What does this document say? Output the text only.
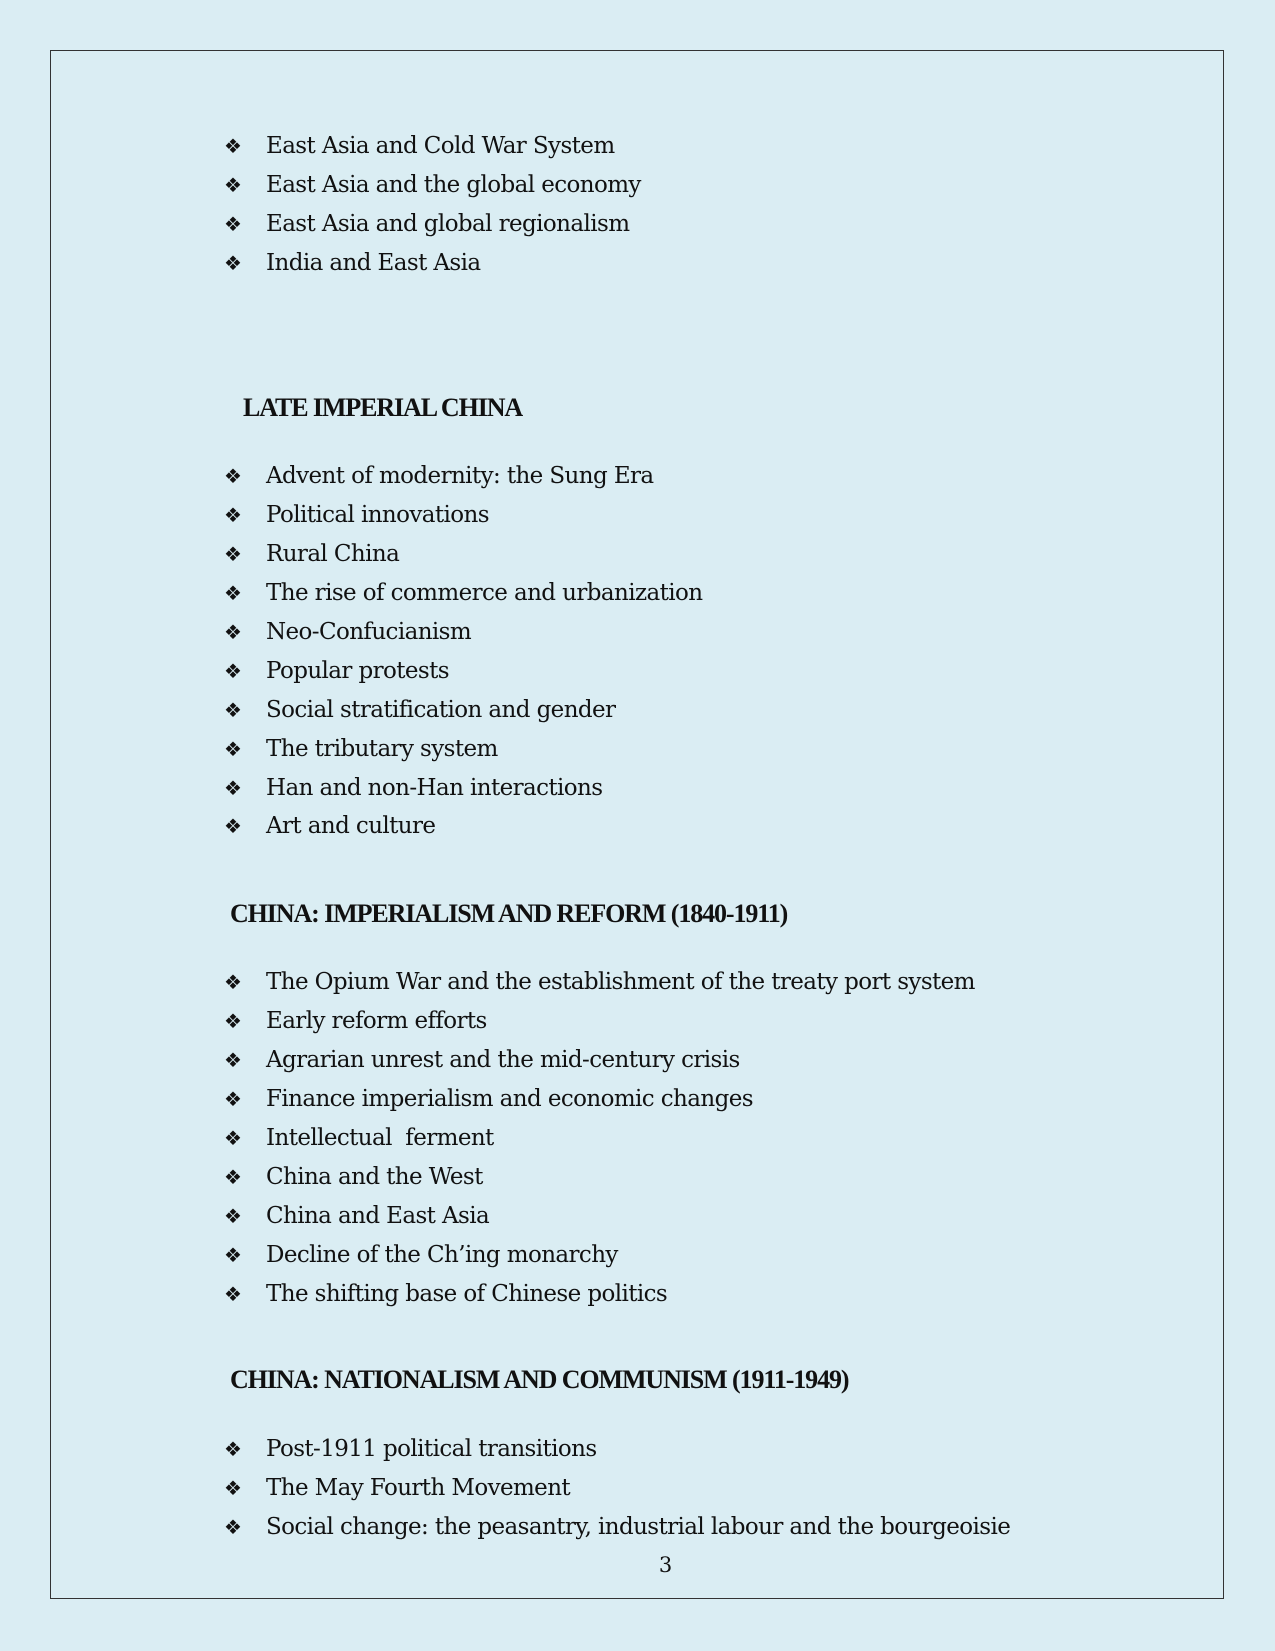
❖	East Asia and Cold War System
❖	East Asia and the global economy
❖	East Asia and global regionalism
❖	India and East Asia
LATE IMPERIAL CHINA
❖	Advent of modernity: the Sung Era
❖	Political innovations
❖	Rural China
❖	The rise of commerce and urbanization
❖	Neo-Confucianism
❖	Popular protests
❖	Social stratification and gender
❖	The tributary system
❖	Han and non-Han interactions
❖	Art and culture
CHINA: IMPERIALISM AND REFORM (1840-1911)
❖	The Opium War and the establishment of the treaty port system
❖	Early reform efforts
❖	Agrarian unrest and the mid-century crisis
❖	Finance imperialism and economic changes
❖	Intellectual  ferment
❖	China and the West
❖	China and East Asia
❖	Decline of the Ch’ing monarchy
❖	The shifting base of Chinese politics
CHINA: NATIONALISM AND COMMUNISM (1911-1949)
❖	Post-1911 political transitions
❖	The May Fourth Movement
❖	Social change: the peasantry, industrial labour and the bourgeoisie
3
